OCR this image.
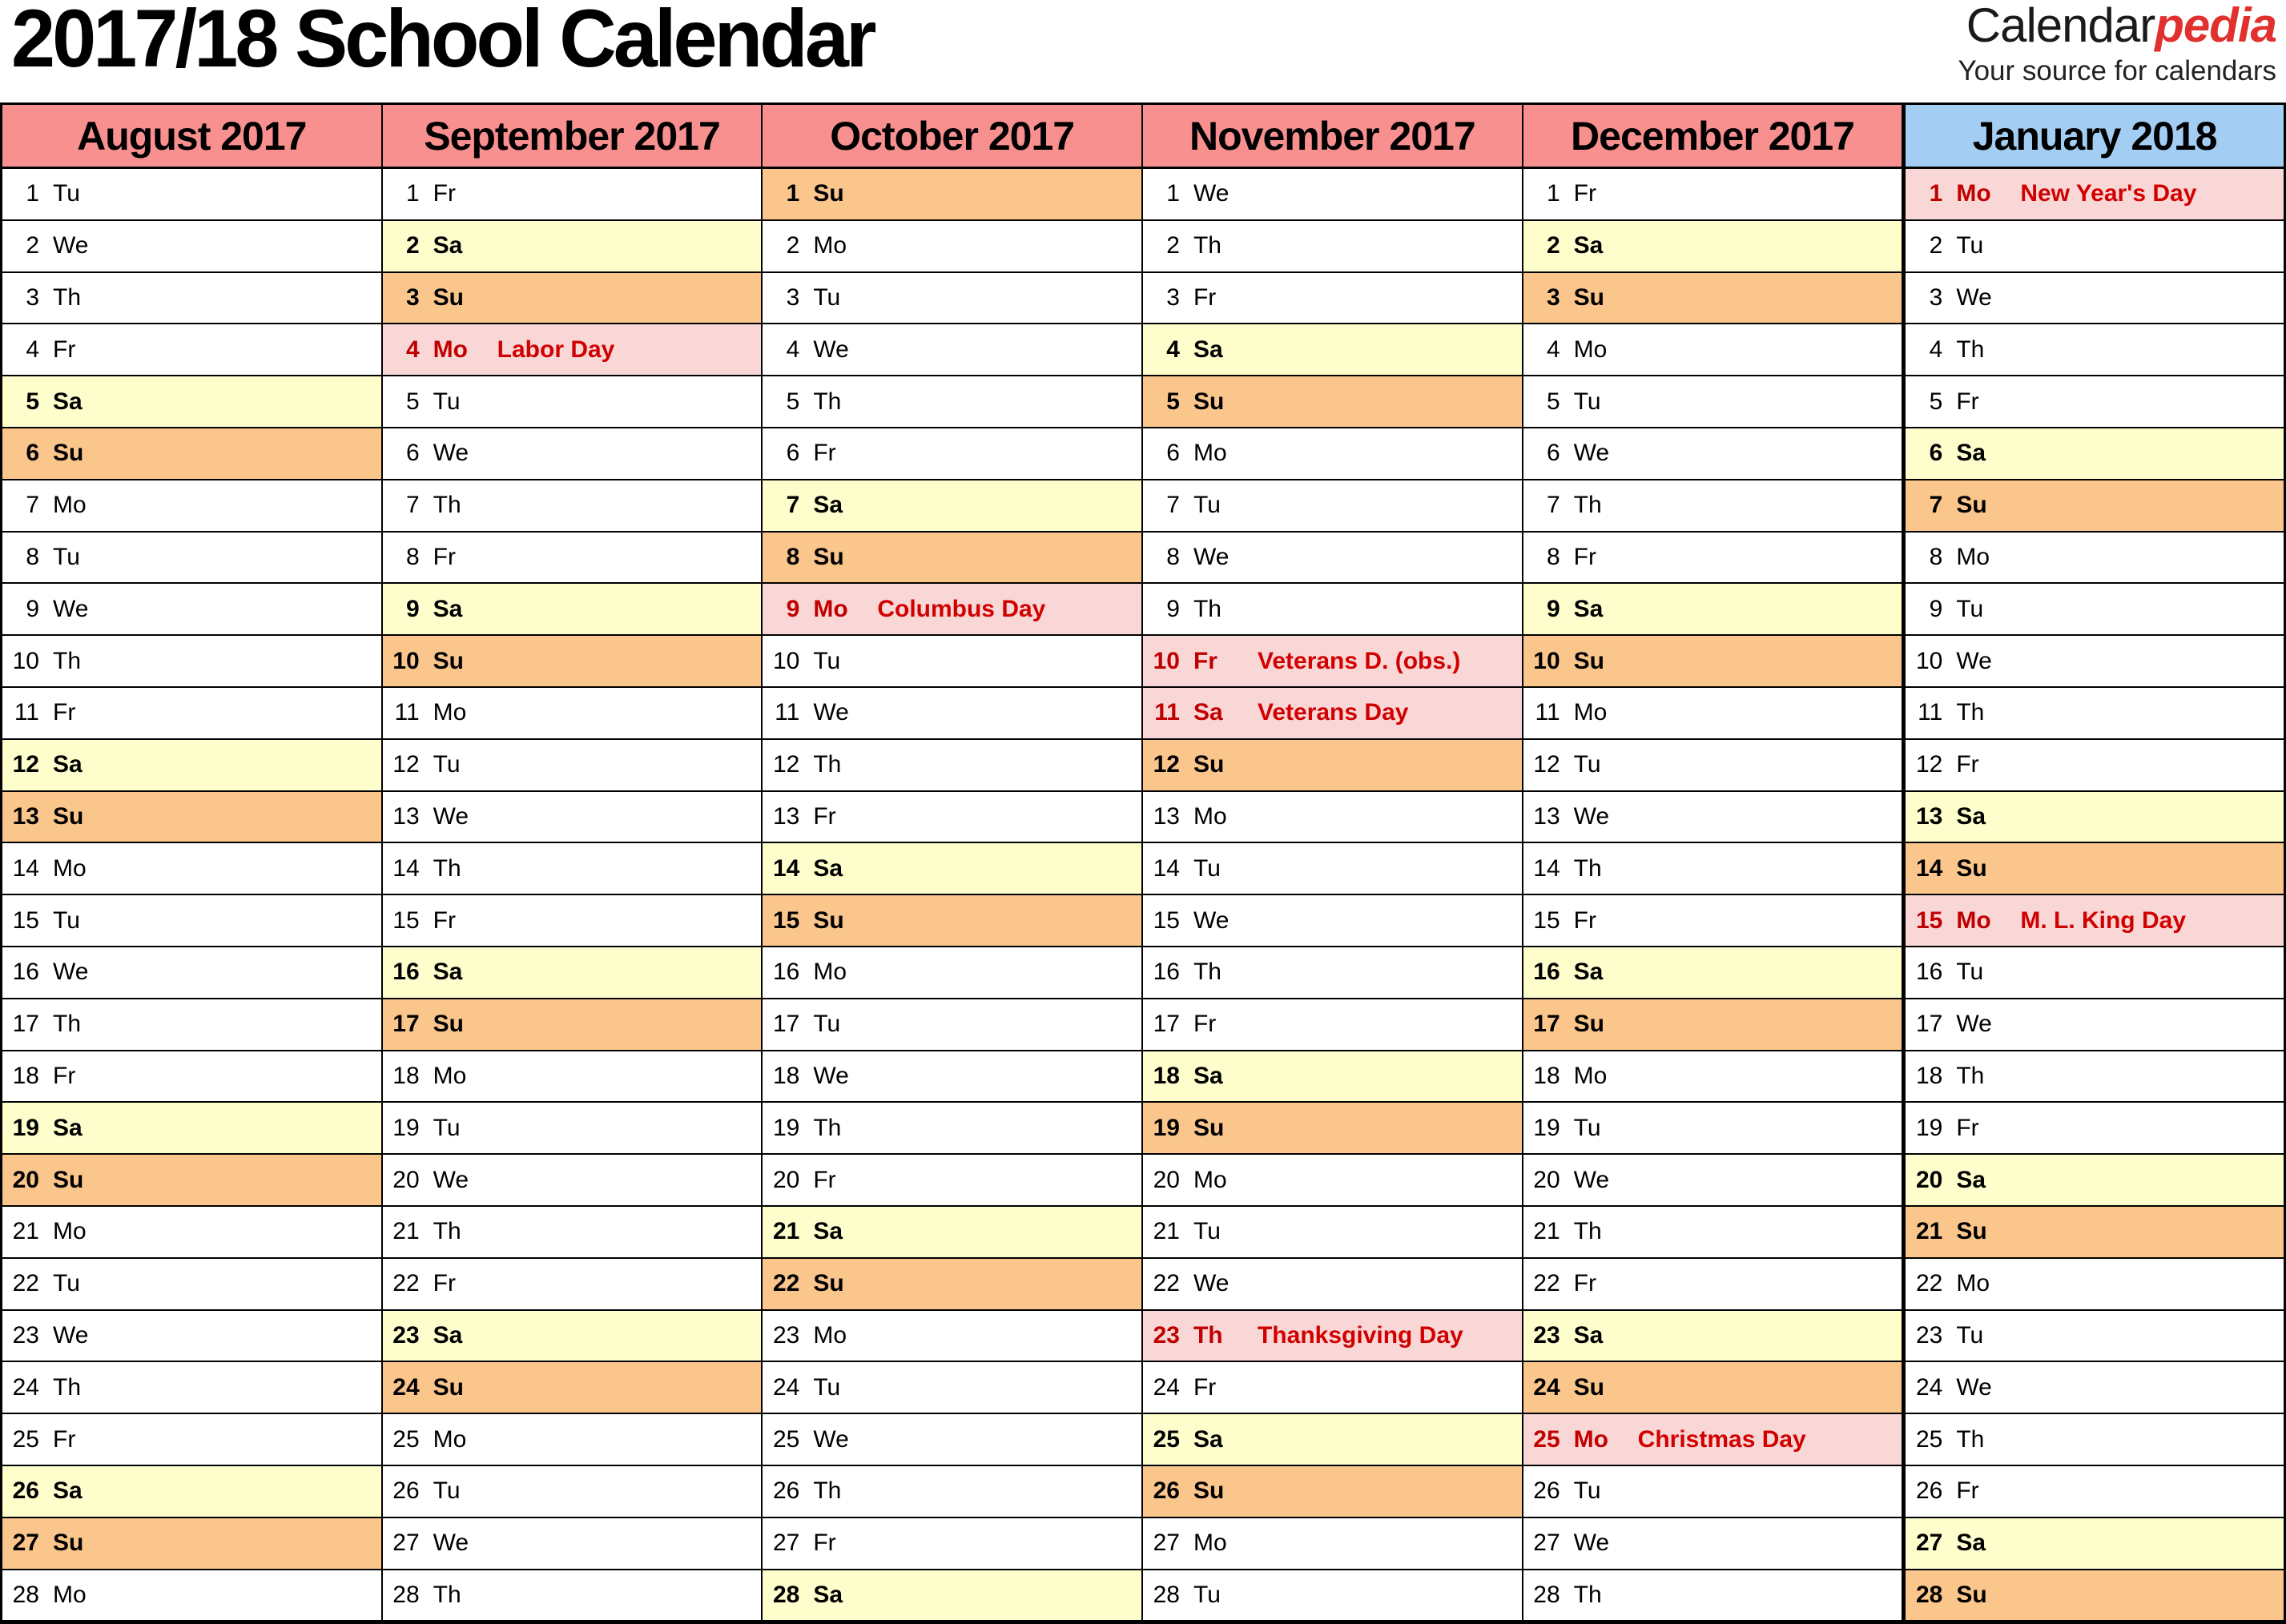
2017/18 School Calendar	Calendarpedia
Your source for calendars
August 2017
1 Tu
2 We
3 Th
4 Fr
5 Sa
6 Su
7 Mo
8 Tu
9 We
10 Th
11 Fr
12 Sa
13 Su
14 Mo
15 Tu
16 We
17 Th
18 Fr
19 Sa
20 Su
21 Mo
22 Tu
23 We
24 Th
25 Fr
26 Sa
27 Su
28 Mo
September 2017
1 Fr
2 Sa
3 Su
4 Mo Labor Day
5 Tu
6 We
7 Th
8 Fr
9 Sa
10 Su
11 Mo
12 Tu
13 We
14 Th
15 Fr
16 Sa
17 Su
18 Mo
19 Tu
20 We
21 Th
22 Fr
23 Sa
24 Su
25 Mo
26 Tu
27 We
28 Th
October 2017
1 Su
2 Mo
3 Tu
4 We
5 Th
6 Fr
7 Sa
8 Su
9 Mo Columbus Day
10 Tu
11 We
12 Th
13 Fr
14 Sa
15 Su
16 Mo
17 Tu
18 We
19 Th
20 Fr
21 Sa
22 Su
23 Mo
24 Tu
25 We
26 Th
27 Fr
28 Sa
November 2017
1 We
2 Th
3 Fr
4 Sa
5 Su
6 Mo
7 Tu
8 We
9 Th
10 Fr	Veterans D. (obs.)
11 Sa	Veterans Day
12 Su
13 Mo
14 Tu
15 We
16 Th
17 Fr
18 Sa
19 Su
20 Mo
21 Tu
22 We
23 Th	Thanksgiving Day
24 Fr
25 Sa
26 Su
27 Mo
28 Tu
December 2017
1 Fr
2 Sa
3 Su
4 Mo
5 Tu
6 We
7 Th
8 Fr
9 Sa
10 Su
11 Mo
12 Tu
13 We
14 Th
15 Fr
16 Sa
17 Su
18 Mo
19 Tu
20 We
21 Th
22 Fr
23 Sa
24 Su
25 Mo Christmas Day
26 Tu
27 We
28 Th
January 2018
1 Mo New Year's Day
2 Tu
3 We
4 Th
5 Fr
6 Sa
7 Su
8 Mo
9 Tu
10 We
11 Th
12 Fr
13 Sa
14 Su
15 Mo M. L. King Day
16 Tu
17 We
18 Th
19 Fr
20 Sa
21 Su
22 Mo
23 Tu
24 We
25 Th
26 Fr
27 Sa
28 Su
